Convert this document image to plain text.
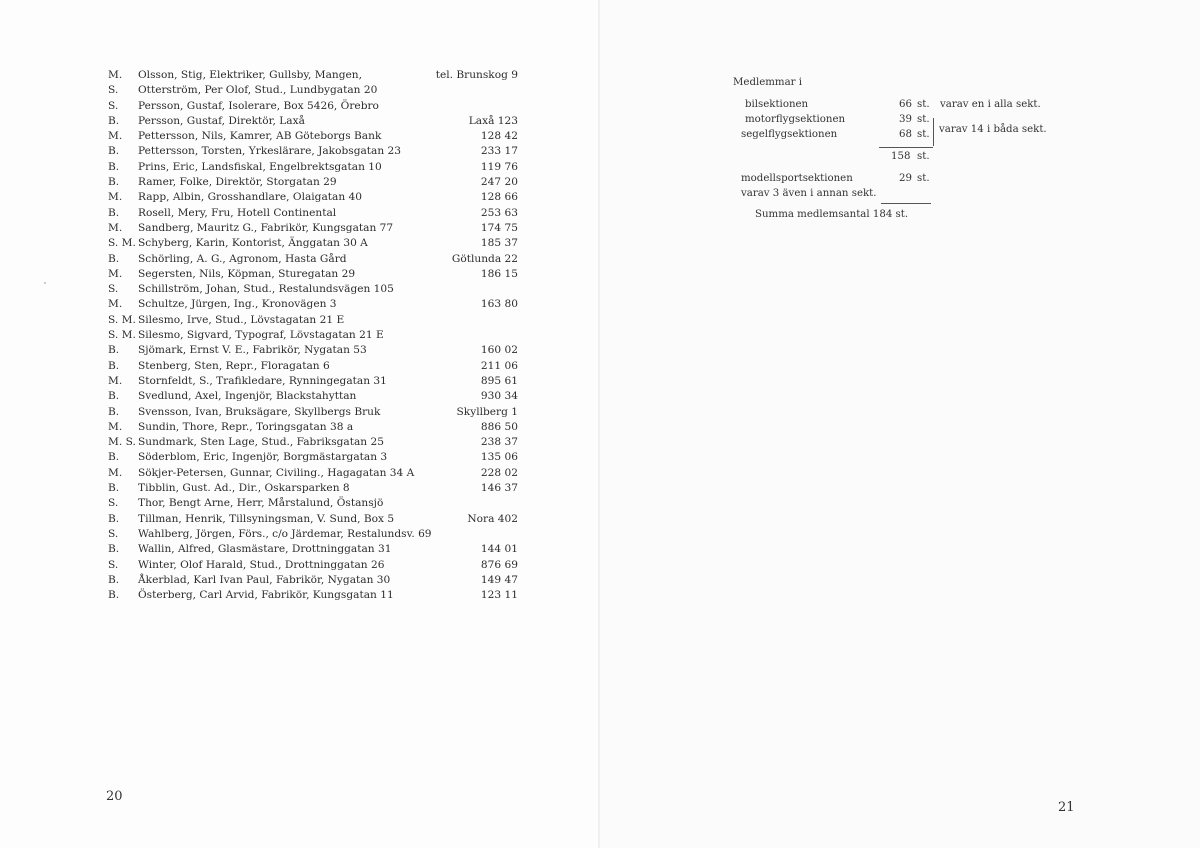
M.	Olsson, Stig, Elektriker, Gullsby, Mangen,	tel. Brunskog 9
S.	Otterström, Per Olof, Stud., Lundbygatan 20
S.	Persson, Gustaf, Isolerare, Box 5426, Örebro
B.	Persson, Gustaf, Direktör, Laxå	Laxå 123
M.	Pettersson, Nils, Kamrer, AB Göteborgs Bank	128 42
B.	Pettersson, Torsten, Yrkeslärare, Jakobsgatan 23	233 17
B.	Prins, Eric, Landsfiskal, Engelbrektsgatan 10	119 76
B.	Ramer, Folke, Direktör, Storgatan 29	247 20
M.	Rapp, Albin, Grosshandlare, Olaigatan 40	128 66
B.	Rosell, Mery, Fru, Hotell Continental	253 63
M.	Sandberg, Mauritz G., Fabrikör, Kungsgatan 77	174 75
S. M. Schyberg, Karin, Kontorist, Änggatan 30 A	185 37
B.	Schörling, A. G., Agronom, Hasta Gård	Götlunda 22
M.	Segersten, Nils, Köpman, Sturegatan 29	186 15
S.	Schillström, Johan, Stud., Restalundsvägen 105
M.	Schultze, Jürgen, Ing., Kronovägen 3	163 80
S. M. Silesmo, Irve, Stud., Lövstagatan 21 E
S. M. Silesmo, Sigvard, Typograf, Lövstagatan 21 E
B.	Sjömark, Ernst V. E., Fabrikör, Nygatan 53	160 02
B.	Stenberg, Sten, Repr., Floragatan 6	211 06
M.	Stornfeldt, S., Trafikledare, Rynningegatan 31	895 61
B.	Svedlund, Axel, Ingenjör, Blackstahyttan	930 34
B.	Svensson, Ivan, Bruksägare, Skyllbergs Bruk	Skyllberg 1
M.	Sundin, Thore, Repr., Toringsgatan 38 a	886 50
M. S. Sundmark, Sten Lage, Stud., Fabriksgatan 25	238 37
B.	Söderblom, Eric, Ingenjör, Borgmästargatan 3	135 06
M.	Sökjer-Petersen, Gunnar, Civiling., Hagagatan 34 A	228 02
B.	Tibblin, Gust. Ad., Dir., Oskarsparken 8	146 37
S.	Thor, Bengt Arne, Herr, Mårstalund, Östansjö
B.	Tillman, Henrik, Tillsyningsman, V. Sund, Box 5	Nora 402
S.	Wahlberg, Jörgen, Förs., c/o Järdemar, Restalundsv. 69
B.	Wallin, Alfred, Glasmästare, Drottninggatan 31	144 01
S.	Winter, Olof Harald, Stud., Drottninggatan 26	876 69
B.	Åkerblad, Karl Ivan Paul, Fabrikör, Nygatan 30	149 47
B.	Österberg, Carl Arvid, Fabrikör, Kungsgatan 11	123 11
20
Medlemmar i
bilsektionen	66 st. varav en i alla sekt.
motorflygsektionen	39 st.
segelflygsektionen	68 st. varav 14 i båda sekt.
158 st.
modellsportsektionen	29 st.
varav 3 även i annan sekt.
Summa medlemsantal 184 st.
21
